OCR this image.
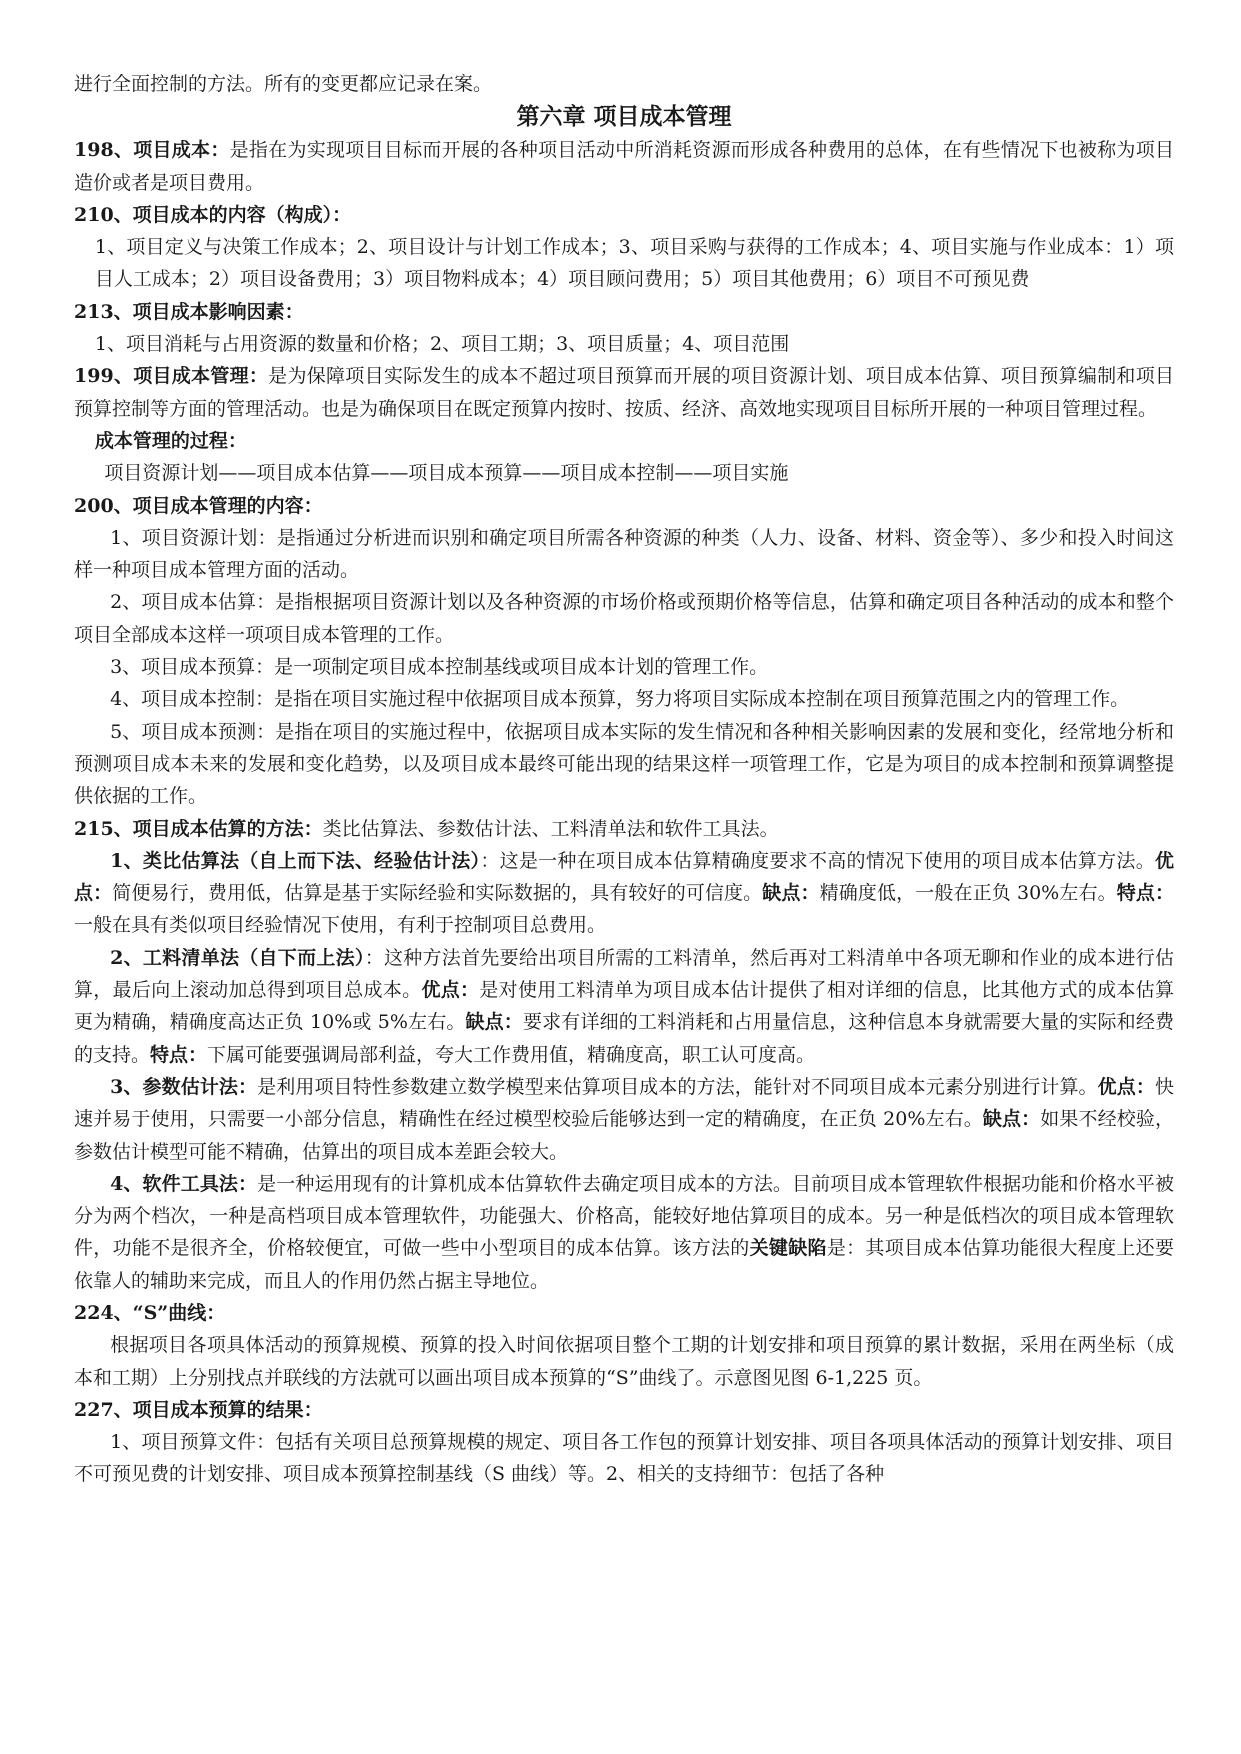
进行全面控制的方法。所有的变更都应记录在案。

第六章 项目成本管理

198、项目成本：是指在为实现项目目标而开展的各种项目活动中所消耗资源而形成各种费用的总体，在有些情况下也被称为项目造价或者是项目费用。

210、项目成本的内容（构成）：

1、项目定义与决策工作成本；2、项目设计与计划工作成本；3、项目采购与获得的工作成本；4、项目实施与作业成本：1）项目人工成本；2）项目设备费用；3）项目物料成本；4）项目顾问费用；5）项目其他费用；6）项目不可预见费

213、项目成本影响因素：

1、项目消耗与占用资源的数量和价格；2、项目工期；3、项目质量；4、项目范围

199、项目成本管理：是为保障项目实际发生的成本不超过项目预算而开展的项目资源计划、项目成本估算、项目预算编制和项目预算控制等方面的管理活动。也是为确保项目在既定预算内按时、按质、经济、高效地实现项目目标所开展的一种项目管理过程。

成本管理的过程：

项目资源计划——项目成本估算——项目成本预算——项目成本控制——项目实施

200、项目成本管理的内容：

1、项目资源计划：是指通过分析进而识别和确定项目所需各种资源的种类（人力、设备、材料、资金等）、多少和投入时间这样一种项目成本管理方面的活动。

2、项目成本估算：是指根据项目资源计划以及各种资源的市场价格或预期价格等信息，估算和确定项目各种活动的成本和整个项目全部成本这样一项项目成本管理的工作。

3、项目成本预算：是一项制定项目成本控制基线或项目成本计划的管理工作。

4、项目成本控制：是指在项目实施过程中依据项目成本预算，努力将项目实际成本控制在项目预算范围之内的管理工作。

5、项目成本预测：是指在项目的实施过程中，依据项目成本实际的发生情况和各种相关影响因素的发展和变化，经常地分析和预测项目成本未来的发展和变化趋势，以及项目成本最终可能出现的结果这样一项管理工作，它是为项目的成本控制和预算调整提供依据的工作。

215、项目成本估算的方法：类比估算法、参数估计法、工料清单法和软件工具法。

1、类比估算法（自上而下法、经验估计法）：这是一种在项目成本估算精确度要求不高的情况下使用的项目成本估算方法。优点：简便易行，费用低，估算是基于实际经验和实际数据的，具有较好的可信度。缺点：精确度低，一般在正负 30%左右。特点：一般在具有类似项目经验情况下使用，有利于控制项目总费用。

2、工料清单法（自下而上法）：这种方法首先要给出项目所需的工料清单，然后再对工料清单中各项无聊和作业的成本进行估算，最后向上滚动加总得到项目总成本。优点：是对使用工料清单为项目成本估计提供了相对详细的信息，比其他方式的成本估算更为精确，精确度高达正负 10%或 5%左右。缺点：要求有详细的工料消耗和占用量信息，这种信息本身就需要大量的实际和经费的支持。特点：下属可能要强调局部利益，夸大工作费用值，精确度高，职工认可度高。

3、参数估计法：是利用项目特性参数建立数学模型来估算项目成本的方法，能针对不同项目成本元素分别进行计算。优点：快速并易于使用，只需要一小部分信息，精确性在经过模型校验后能够达到一定的精确度，在正负 20%左右。缺点：如果不经校验，参数估计模型可能不精确，估算出的项目成本差距会较大。

4、软件工具法：是一种运用现有的计算机成本估算软件去确定项目成本的方法。目前项目成本管理软件根据功能和价格水平被分为两个档次，一种是高档项目成本管理软件，功能强大、价格高，能较好地估算项目的成本。另一种是低档次的项目成本管理软件，功能不是很齐全，价格较便宜，可做一些中小型项目的成本估算。该方法的关键缺陷是：其项目成本估算功能很大程度上还要依靠人的辅助来完成，而且人的作用仍然占据主导地位。

224、“S”曲线：

根据项目各项具体活动的预算规模、预算的投入时间依据项目整个工期的计划安排和项目预算的累计数据，采用在两坐标（成本和工期）上分别找点并联线的方法就可以画出项目成本预算的“S”曲线了。示意图见图 6-1,225 页。

227、项目成本预算的结果：

1、项目预算文件：包括有关项目总预算规模的规定、项目各工作包的预算计划安排、项目各项具体活动的预算计划安排、项目不可预见费的计划安排、项目成本预算控制基线（S 曲线）等。2、相关的支持细节：包括了各种
